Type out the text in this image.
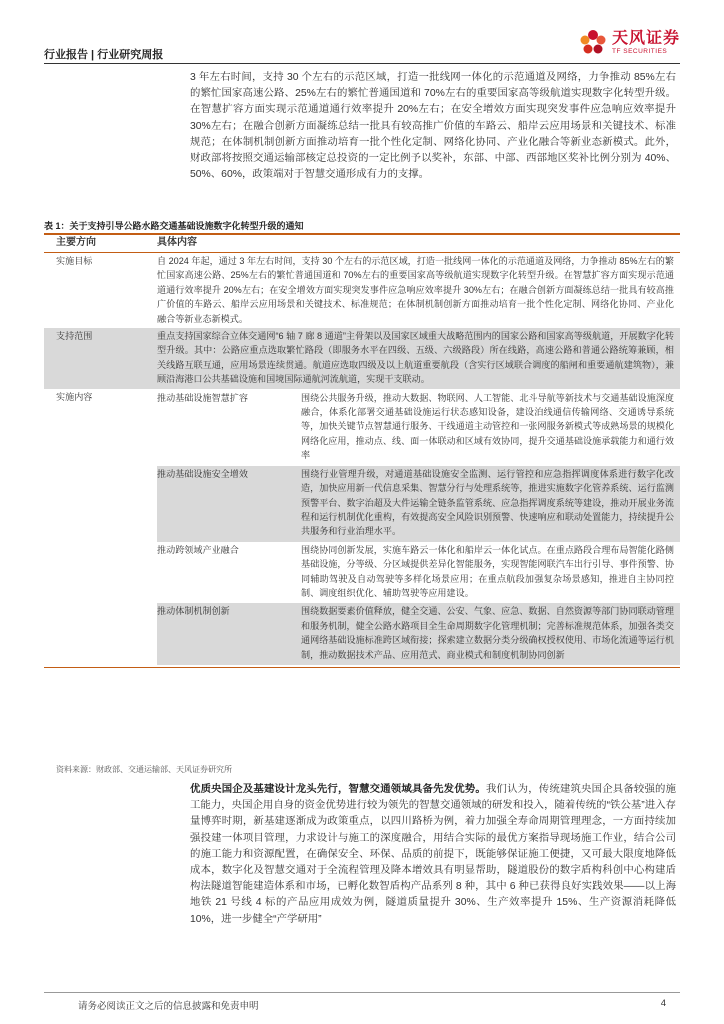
行业报告 | 行业研究周报
天风证券
TF SECURITIES

3 年左右时间，支持 30 个左右的示范区域，打造一批线网一体化的示范通道及网络，力争推动 85%左右的繁忙国家高速公路、25%左右的繁忙普通国道和 70%左右的重要国家高等级航道实现数字化转型升级。在智慧扩容方面实现示范通道通行效率提升 20%左右；在安全增效方面实现突发事件应急响应效率提升 30%左右；在融合创新方面凝练总结一批具有较高推广价值的车路云、船岸云应用场景和关键技术、标准规范；在体制机制创新方面推动培育一批个性化定制、网络化协同、产业化融合等新业态新模式。此外，财政部将按照交通运输部核定总投资的一定比例予以奖补，东部、中部、西部地区奖补比例分别为 40%、50%、60%，政策端对于智慧交通形成有力的支撑。

表 1：关于支持引导公路水路交通基础设施数字化转型升级的通知
主要方向	具体内容
实施目标	自 2024 年起，通过 3 年左右时间，支持 30 个左右的示范区域，打造一批线网一体化的示范通道及网络，力争推动 85%左右的繁忙国家高速公路、25%左右的繁忙普通国道和 70%左右的重要国家高等级航道实现数字化转型升级。在智慧扩容方面实现示范通道通行效率提升 20%左右；在安全增效方面实现突发事件应急响应效率提升 30%左右；在融合创新方面凝练总结一批具有较高推广价值的车路云、船岸云应用场景和关键技术、标准规范；在体制机制创新方面推动培育一批个性化定制、网络化协同、产业化融合等新业态新模式。
支持范围	重点支持国家综合立体交通网“6 轴 7 廊 8 通道”主骨架以及国家区域重大战略范围内的国家公路和国家高等级航道，开展数字化转型升级。其中：公路应重点选取繁忙路段（即服务水平在四级、五级、六级路段）所在线路，高速公路和普通公路统筹兼顾，相关线路互联互通，应用场景连续贯通。航道应选取四级及以上航道重要航段（含实行区域联合调度的船闸和重要通航建筑物），兼顾沿海港口公共基础设施和国境国际通航河流航道，实现干支联动。
实施内容	推动基础设施智慧扩容	围绕公共服务升级，推动大数据、物联网、人工智能、北斗导航等新技术与交通基础设施深度融合，体系化部署交通基础设施运行状态感知设备，建设泊线通信传输网络、交通诱导系统等，加快关键节点智慧通行服务、干线通道主动管控和一张网服务新模式等成熟场景的规模化网络化应用，推动点、线、面一体联动和区域有效协同，提升交通基础设施承载能力和通行效率
推动基础设施安全增效	围绕行业管理升级，对通道基础设施安全监测、运行管控和应急指挥调度体系进行数字化改造，加快应用新一代信息采集、智慧分行与处理系统等，推进实施数字化管养系统、运行监测预警平台、数字治超及大件运输全链条监管系统、应急指挥调度系统等建设，推动开展业务流程和运行机制优化重构，有效提高安全风险识别预警、快速响应和联动处置能力，持续提升公共服务和行业治理水平。
推动跨领域产业融合	围绕协同创新发展，实施车路云一体化和船岸云一体化试点。在重点路段合理布局智能化路侧基础设施，分等级、分区域提供差异化智能服务，实现智能网联汽车出行引导、事件预警、协同辅助驾驶及自动驾驶等多样化场景应用；在重点航段加强复杂场景感知，推进自主协同控制、调度组织优化、辅助驾驶等应用建设。
推动体制机制创新	围绕数据要素价值释放，健全交通、公安、气象、应急、数据、自然资源等部门协同联动管理和服务机制，健全公路水路项目全生命周期数字化管理机制；完善标准规范体系，加强各类交通网络基础设施标准跨区域衔接；探索建立数据分类分级确权授权使用、市场化流通等运行机制，推动数据技术产品、应用范式、商业模式和制度机制协同创新
资料来源：财政部、交通运输部、天风证券研究所

优质央国企及基建设计龙头先行，智慧交通领域具备先发优势。我们认为，传统建筑央国企具备较强的施工能力，央国企用自身的资金优势进行较为领先的智慧交通领域的研发和投入，随着传统的“铁公基”进入存量博弈时期，新基建逐渐成为政策重点，以四川路桥为例，着力加强全寿命周期管理理念，一方面持续加强投建一体项目管理，力求设计与施工的深度融合，用结合实际的最优方案指导现场施工作业，结合公司的施工能力和资源配置，在确保安全、环保、品质的前提下，既能够保证施工便捷，又可最大限度地降低成本，数字化及智慧交通对于全流程管理及降本增效具有明显帮助，隧道股份的数字盾构科创中心构建盾构法隧道智能建造体系和市场，已孵化数智盾构产品系列 8 种，其中 6 种已获得良好实践效果——以上海地铁 21 号线 4 标的产品应用成效为例，隧道质量提升 30%、生产效率提升 15%、生产资源消耗降低 10%，进一步健全“产学研用”

请务必阅读正文之后的信息披露和免责申明	4
